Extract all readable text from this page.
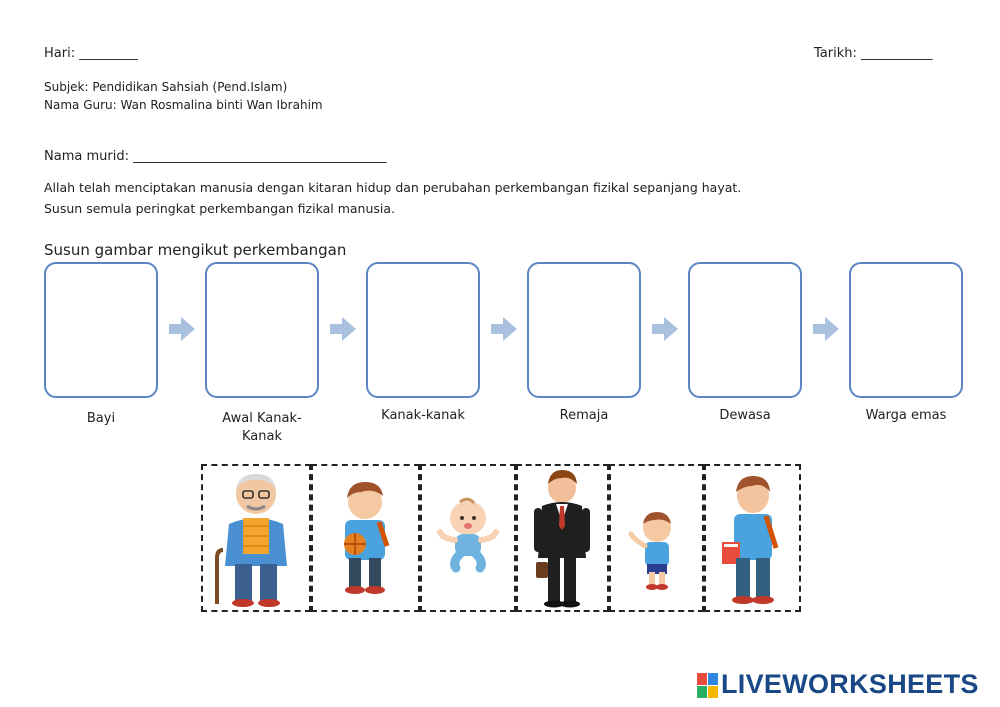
Hari: _________	Tarikh: ___________
Subjek: Pendidikan Sahsiah (Pend.Islam)
Nama Guru: Wan Rosmalina binti Wan Ibrahim
Nama murid: _______________________________________
Allah telah menciptakan manusia dengan kitaran hidup dan perubahan perkembangan fizikal sepanjang hayat.
Susun semula peringkat perkembangan fizikal manusia.
Susun gambar mengikut perkembangan
Bayi	Awal Kanak-Kanak
Kanak-kanak	Remaja	Dewasa	Warga emas
LIVEWORKSHEETS
